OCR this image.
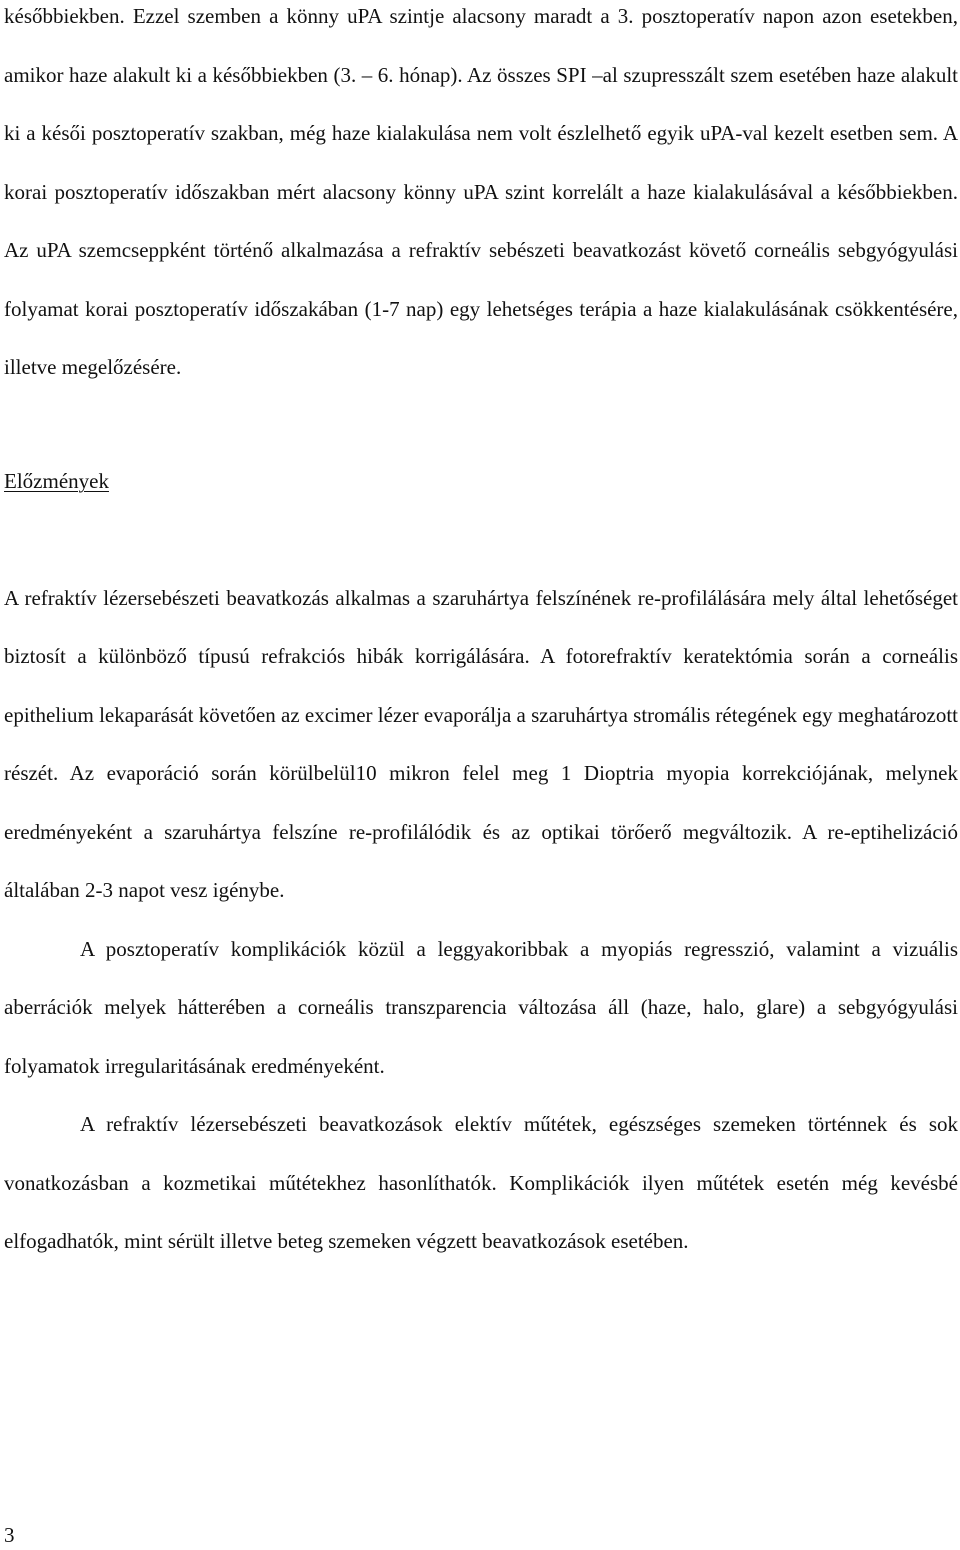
későbbiekben. Ezzel szemben a könny uPA szintje alacsony maradt a 3. posztoperatív napon azon esetekben, amikor haze alakult ki a későbbiekben (3. – 6. hónap). Az összes SPI –al szupresszált szem esetében haze alakult ki a késői posztoperatív szakban, még haze kialakulása nem volt észlelhető egyik uPA-val kezelt esetben sem. A korai posztoperatív időszakban mért alacsony könny uPA szint korrelált a haze kialakulásával a későbbiekben. Az uPA szemcseppként történő alkalmazása a refraktív sebészeti beavatkozást követő corneális sebgyógyulási folyamat korai posztoperatív időszakában (1-7 nap) egy lehetséges terápia a haze kialakulásának csökkentésére, illetve megelőzésére.

Előzmények

A refraktív lézersebészeti beavatkozás alkalmas a szaruhártya felszínének re-profilálására mely által lehetőséget biztosít a különböző típusú refrakciós hibák korrigálására. A fotorefraktív keratektómia során a corneális epithelium lekaparását követően az excimer lézer evaporálja a szaruhártya stromális rétegének egy meghatározott részét. Az evaporáció során körülbelül10 mikron felel meg 1 Dioptria myopia korrekciójának, melynek eredményeként a szaruhártya felszíne re-profilálódik és az optikai törőerő megváltozik. A re-eptihelizáció általában 2-3 napot vesz igénybe.

A posztoperatív komplikációk közül a leggyakoribbak a myopiás regresszió, valamint a vizuális aberrációk melyek hátterében a corneális transzparencia változása áll (haze, halo, glare) a sebgyógyulási folyamatok irregularitásának eredményeként.

A refraktív lézersebészeti beavatkozások elektív műtétek, egészséges szemeken történnek és sok vonatkozásban a kozmetikai műtétekhez hasonlíthatók. Komplikációk ilyen műtétek esetén még kevésbé elfogadhatók, mint sérült illetve beteg szemeken végzett beavatkozások esetében.

3
